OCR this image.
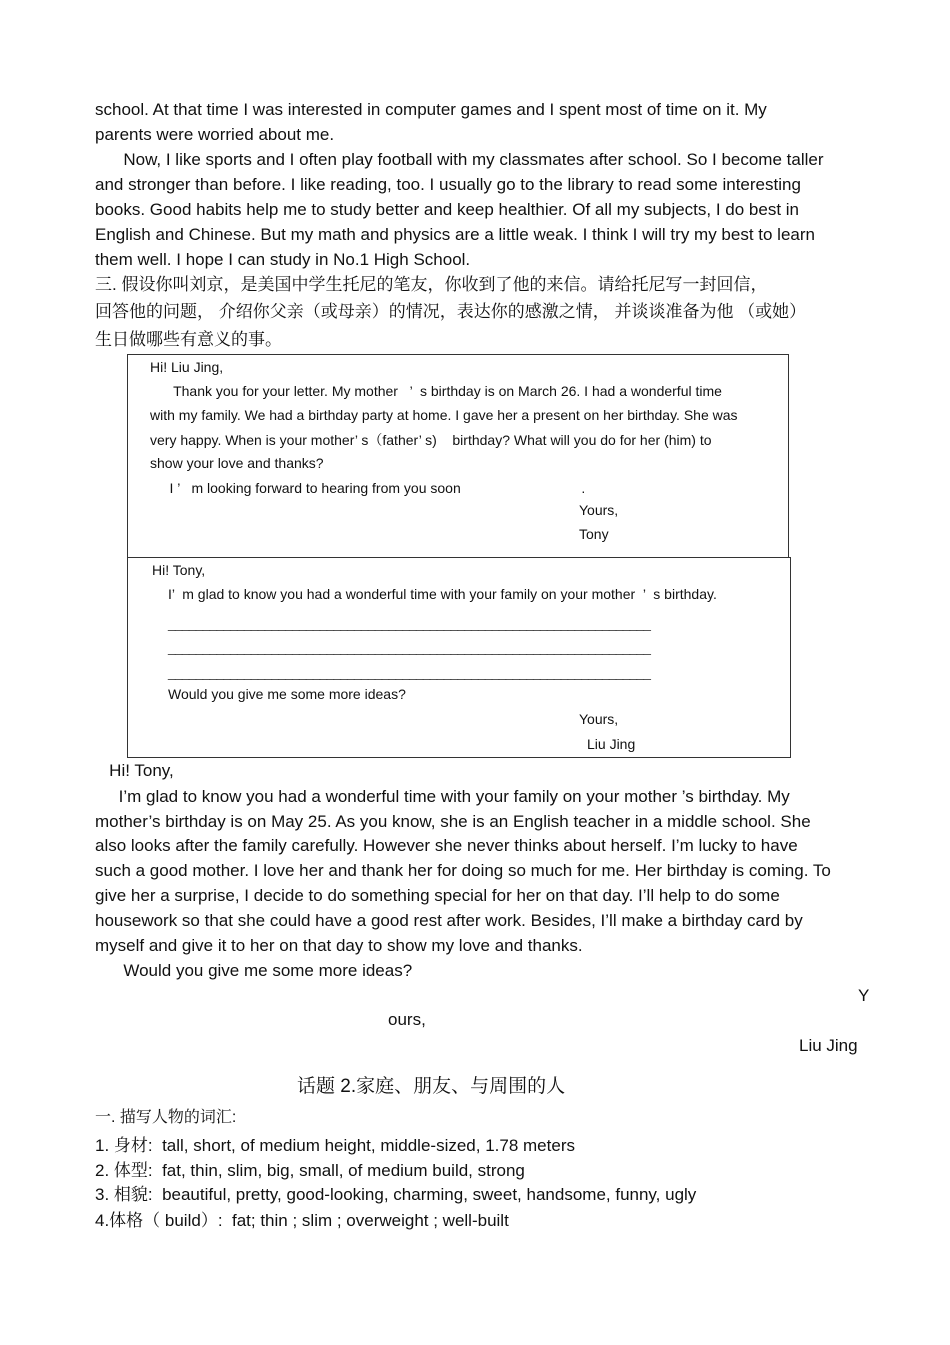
school. At that time I was interested in computer games and I spent most of time on it. My
parents were worried about me.
Now, I like sports and I often play football with my classmates after school. So I become taller
and stronger than before. I like reading, too. I usually go to the library to read some interesting
books. Good habits help me to study better and keep healthier. Of all my subjects, I do best in
English and Chinese. But my math and physics are a little weak. I think I will try my best to learn
them well. I hope I can study in No.1 High School.
三. 假设你叫刘京，是美国中学生托尼的笔友，你收到了他的来信。请给托尼写一封回信，
回答他的问题， 介绍你父亲（或母亲）的情况，表达你的感激之情， 并谈谈准备为他 （或她）
生日做哪些有意义的事。
Hi! Liu Jing,
Thank you for your letter. My mother   ’  s birthday is on March 26. I had a wonderful time
with my family. We had a birthday party at home. I gave her a present on her birthday. She was
very happy. When is your mother’ s（father’ s)    birthday? What will you do for her (him) to
show your love and thanks?
I ’   m looking forward to hearing from you soon                               .
Yours,
Tony
Hi! Tony,
I’  m glad to know you had a wonderful time with your family on your mother  ’  s birthday.
______________________________________________________________________
______________________________________________________________________
______________________________________________________________________
Would you give me some more ideas?
Yours,
Liu Jing
Hi! Tony,
I’m glad to know you had a wonderful time with your family on your mother ’s birthday. My
mother’s birthday is on May 25. As you know, she is an English teacher in a middle school. She
also looks after the family carefully. However she never thinks about herself. I’m lucky to have
such a good mother. I love her and thank her for doing so much for me. Her birthday is coming. To
give her a surprise, I decide to do something special for her on that day. I’ll help to do some
housework so that she could have a good rest after work. Besides, I’ll make a birthday card by
myself and give it to her on that day to show my love and thanks.
Would you give me some more ideas?
Y
ours,
Liu Jing
话题 2.家庭、朋友、与周围的人
一. 描写人物的词汇:
1. 身材:  tall, short, of medium height, middle-sized, 1.78 meters
2. 体型:  fat, thin, slim, big, small, of medium build, strong
3. 相貌:  beautiful, pretty, good-looking, charming, sweet, handsome, funny, ugly
4.体格（ build）:  fat; thin ; slim ; overweight ; well-built
